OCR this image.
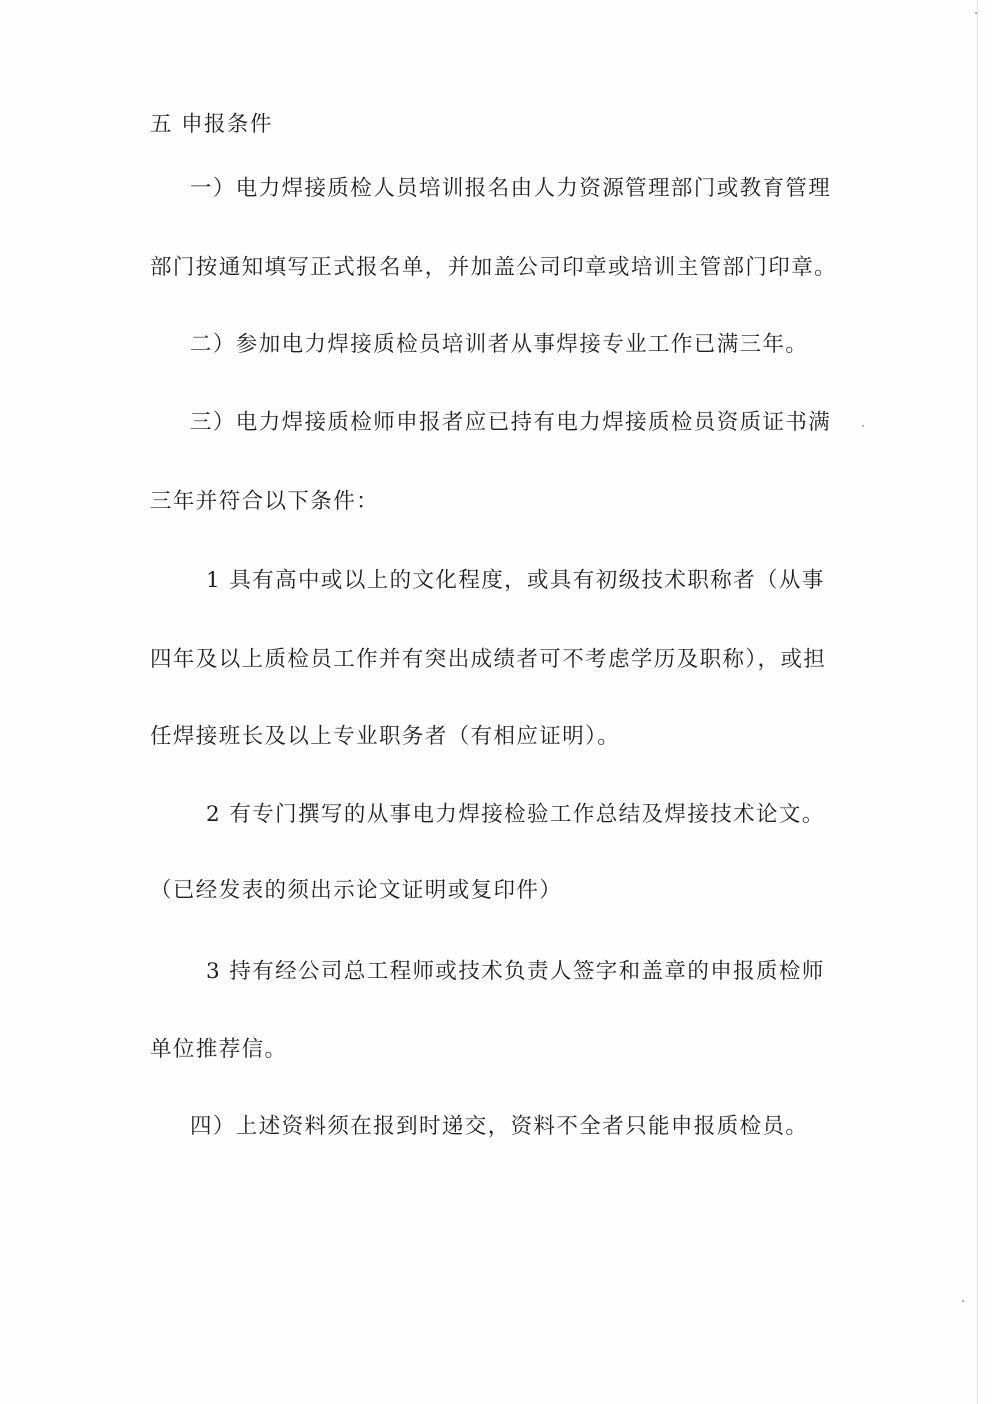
五 申报条件
一）电力焊接质检人员培训报名由人力资源管理部门或教育管理
部门按通知填写正式报名单，并加盖公司印章或培训主管部门印章。
二）参加电力焊接质检员培训者从事焊接专业工作已满三年。
三）电力焊接质检师申报者应已持有电力焊接质检员资质证书满
三年并符合以下条件：
1 具有高中或以上的文化程度，或具有初级技术职称者（从事
四年及以上质检员工作并有突出成绩者可不考虑学历及职称），或担
任焊接班长及以上专业职务者（有相应证明）。
2 有专门撰写的从事电力焊接检验工作总结及焊接技术论文。
（已经发表的须出示论文证明或复印件）
3 持有经公司总工程师或技术负责人签字和盖章的申报质检师
单位推荐信。
四）上述资料须在报到时递交，资料不全者只能申报质检员。
